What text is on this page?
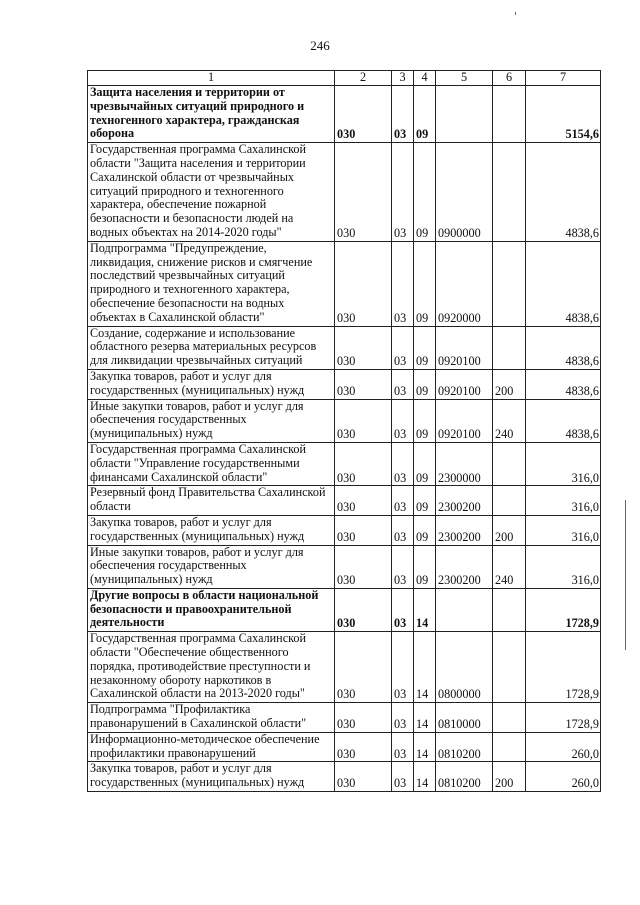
246
1	2	3	4	5	6	7
Защита населения и территории от чрезвычайных ситуаций природного и техногенного характера, гражданская оборона	030	03	09			5154,6
Государственная программа Сахалинской области "Защита населения и территории Сахалинской области от чрезвычайных ситуаций природного и техногенного характера, обеспечение пожарной безопасности и безопасности людей на водных объектах на 2014-2020 годы"	030	03	09	0900000		4838,6
Подпрограмма "Предупреждение, ликвидация, снижение рисков и смягчение последствий чрезвычайных ситуаций природного и техногенного характера, обеспечение безопасности на водных объектах в Сахалинской области"	030	03	09	0920000		4838,6
Создание, содержание и использование областного резерва материальных ресурсов для ликвидации чрезвычайных ситуаций	030	03	09	0920100		4838,6
Закупка товаров, работ и услуг для государственных (муниципальных) нужд	030	03	09	0920100	200	4838,6
Иные закупки товаров, работ и услуг для обеспечения государственных (муниципальных) нужд	030	03	09	0920100	240	4838,6
Государственная программа Сахалинской области "Управление государственными финансами Сахалинской области"	030	03	09	2300000		316,0
Резервный фонд Правительства Сахалинской области	030	03	09	2300200		316,0
Закупка товаров, работ и услуг для государственных (муниципальных) нужд	030	03	09	2300200	200	316,0
Иные закупки товаров, работ и услуг для обеспечения государственных (муниципальных) нужд	030	03	09	2300200	240	316,0
Другие вопросы в области национальной безопасности и правоохранительной деятельности	030	03	14			1728,9
Государственная программа Сахалинской области "Обеспечение общественного порядка, противодействие преступности и незаконному обороту наркотиков в Сахалинской области на 2013-2020 годы"	030	03	14	0800000		1728,9
Подпрограмма "Профилактика правонарушений в Сахалинской области"	030	03	14	0810000		1728,9
Информационно-методическое обеспечение профилактики правонарушений	030	03	14	0810200		260,0
Закупка товаров, работ и услуг для государственных (муниципальных) нужд	030	03	14	0810200	200	260,0
